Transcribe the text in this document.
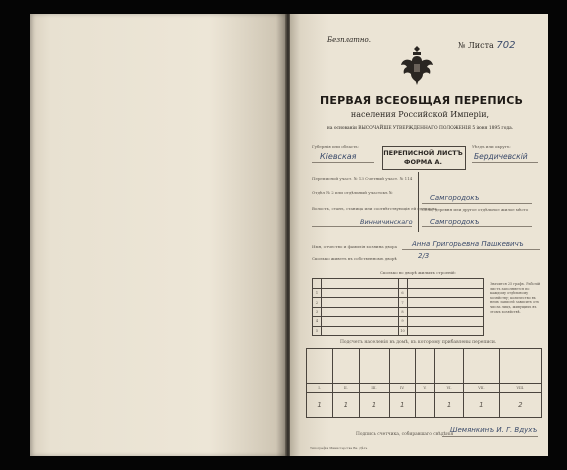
Безплатно.
№ Листа 702
ПЕРВАЯ ВСЕОБЩАЯ ПЕРЕПИСЬ
населения Российской Имперiи,
на основанiи ВЫСОЧАЙШЕ УТВЕРЖДЕННАГО ПОЛОЖЕНIЯ 5 iюня 1895 года.
Губернiя или область:
Кiевская	ПЕРЕПИСНОЙ ЛИСТЪ
ФОРМА А.
Уѣздъ или округъ:
Бердичевскiй
Переписной участ. № 13 Счетный участ. № 114
Отдѣл № 2 или отдѣльный участокъ №
Волость, станъ, станица или соотвѣтствующiя ей единицы:
Винничинскаго
Самгородокъ
Село, деревня или другое отдѣльное жилое мѣсто
Самгородокъ
Имя, отчество и фамилiя хозяина двора Анна Григорьевна Пашкевичъ
Сколько живетъ въ собственномъ дворѣ	2/3
Сколько во дворѣ жилыхъ строенiй:

1		6	
2		7	
3		8	
4		9	
5		10	
Значится 25 графъ. Рабочiй листъ заполняется по каждому отдѣльному хозяйству; количество въ немъ записей зависитъ отъ числа лицъ, живущихъ въ этомъ хозяйствѣ.
Подсчетъ населенiя въ домѣ, къ которому прибавлены переписи.

I.	II.	III.	IV.	V.	VI.	VII.	VIII.
1	1	1	1		1	1	2
Подпись счетчика, собиравшаго свѣдѣнiя
Шемянкинъ И. Г. Вдухъ
Типографiя Министерства Вн. Дѣлъ
